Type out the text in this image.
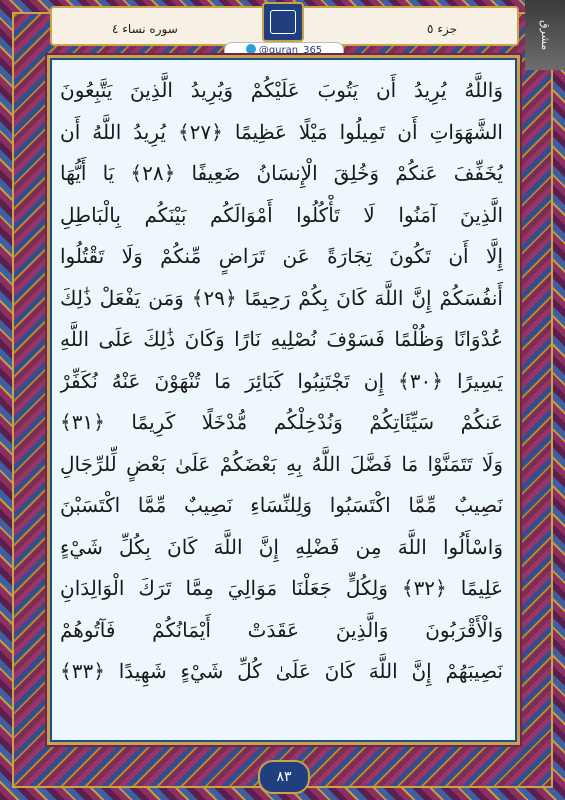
سوره نساء ٤	جزء ٥
@quran_365
مشرق
وَاللَّهُ يُرِيدُ أَن يَتُوبَ عَلَيْكُمْ وَيُرِيدُ الَّذِينَ يَتَّبِعُونَ
الشَّهَوَاتِ أَن تَمِيلُوا مَيْلًا عَظِيمًا ﴿٢٧﴾ يُرِيدُ اللَّهُ أَن
يُخَفِّفَ عَنكُمْ وَخُلِقَ الْإِنسَانُ ضَعِيفًا ﴿٢٨﴾ يَا أَيُّهَا
الَّذِينَ آمَنُوا لَا تَأْكُلُوا أَمْوَالَكُم بَيْنَكُم بِالْبَاطِلِ
إِلَّا أَن تَكُونَ تِجَارَةً عَن تَرَاضٍ مِّنكُمْ وَلَا تَقْتُلُوا
أَنفُسَكُمْ إِنَّ اللَّهَ كَانَ بِكُمْ رَحِيمًا ﴿٢٩﴾ وَمَن يَفْعَلْ ذَٰلِكَ
عُدْوَانًا وَظُلْمًا فَسَوْفَ نُصْلِيهِ نَارًا وَكَانَ ذَٰلِكَ عَلَى اللَّهِ
يَسِيرًا ﴿٣٠﴾ إِن تَجْتَنِبُوا كَبَائِرَ مَا تُنْهَوْنَ عَنْهُ نُكَفِّرْ
عَنكُمْ سَيِّئَاتِكُمْ وَنُدْخِلْكُم مُّدْخَلًا كَرِيمًا ﴿٣١﴾
وَلَا تَتَمَنَّوْا مَا فَضَّلَ اللَّهُ بِهِ بَعْضَكُمْ عَلَىٰ بَعْضٍ لِّلرِّجَالِ
نَصِيبٌ مِّمَّا اكْتَسَبُوا وَلِلنِّسَاءِ نَصِيبٌ مِّمَّا اكْتَسَبْنَ
وَاسْأَلُوا اللَّهَ مِن فَضْلِهِ إِنَّ اللَّهَ كَانَ بِكُلِّ شَيْءٍ
عَلِيمًا ﴿٣٢﴾ وَلِكُلٍّ جَعَلْنَا مَوَالِيَ مِمَّا تَرَكَ الْوَالِدَانِ
وَالْأَقْرَبُونَ وَالَّذِينَ عَقَدَتْ أَيْمَانُكُمْ فَآتُوهُمْ
نَصِيبَهُمْ إِنَّ اللَّهَ كَانَ عَلَىٰ كُلِّ شَيْءٍ شَهِيدًا ﴿٣٣﴾
٨٣
